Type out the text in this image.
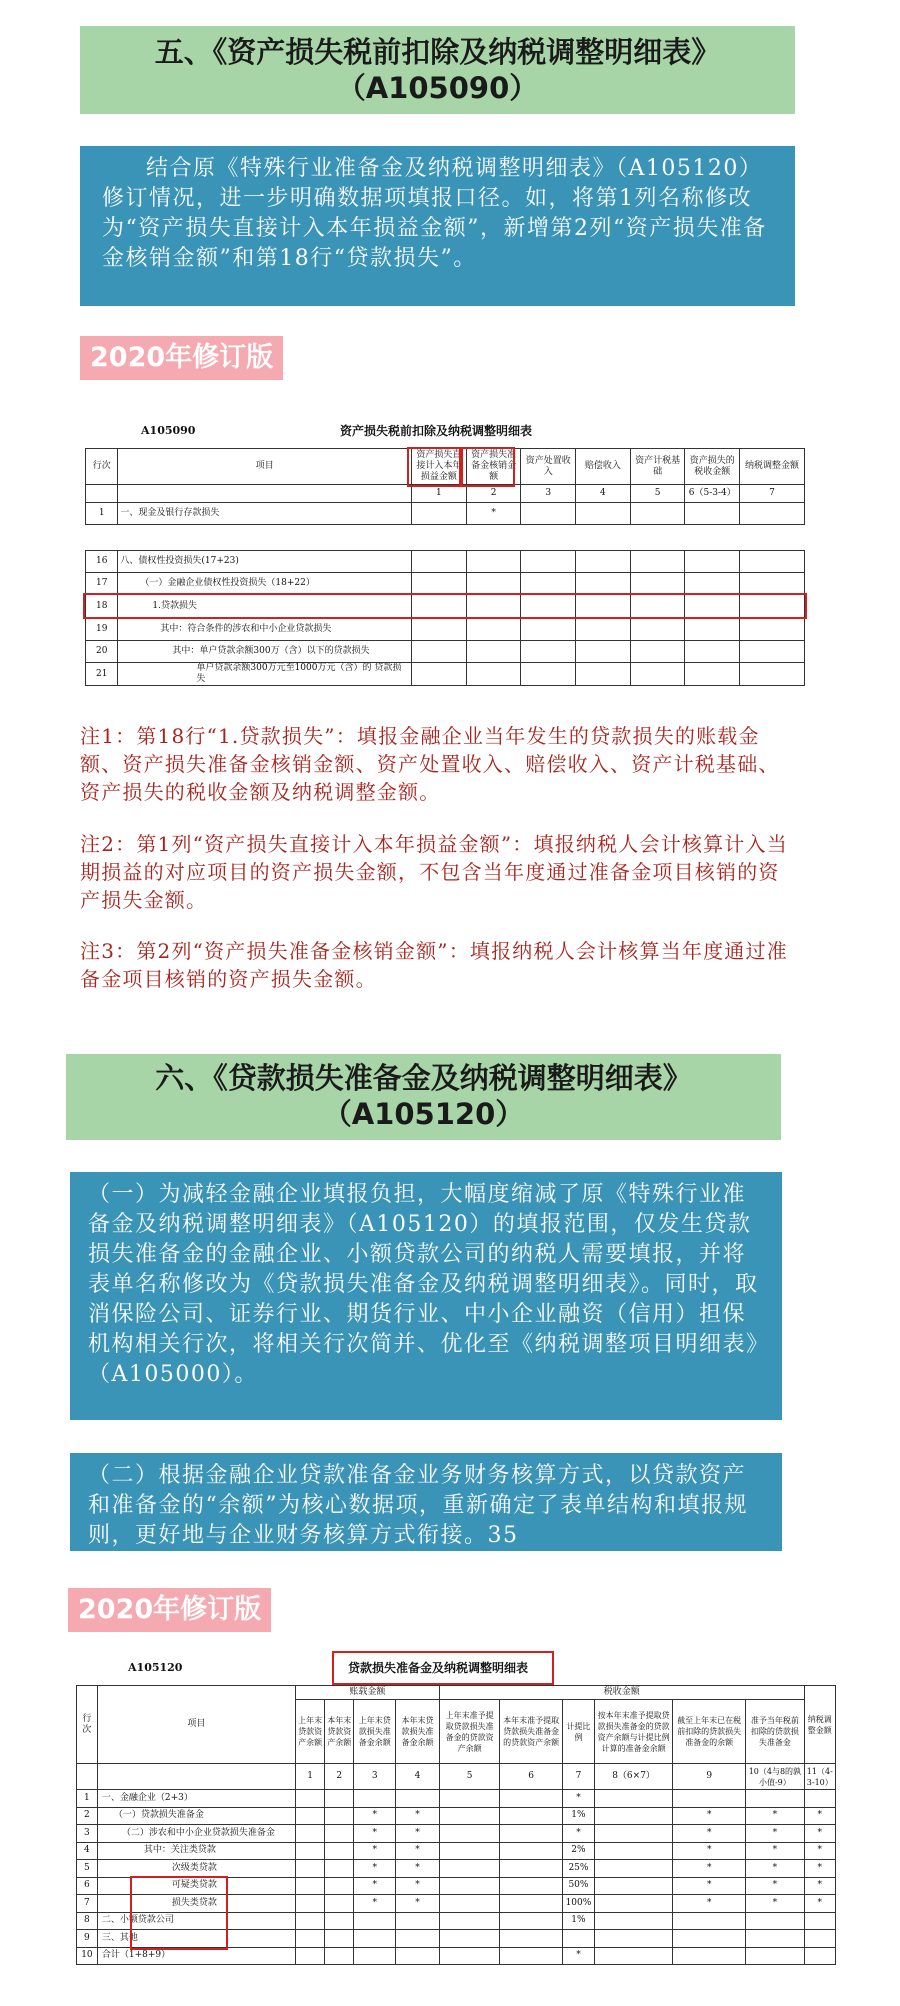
五、《资产损失税前扣除及纳税调整明细表》
（A105090）
结合原《特殊行业准备金及纳税调整明细表》（A105120）修订情况，进一步明确数据项填报口径。如，将第1列名称修改为“资产损失直接计入本年损益金额”，新增第2列“资产损失准备金核销金额”和第18行“贷款损失”。
2020年修订版
A105090	资产损失税前扣除及纳税调整明细表
行次	项目	资产损失直接计入本年损益金额	资产损失准备金核销金额	资产处置收入	赔偿收入	资产计税基础	资产损失的税收金额	纳税调整金额
		1	2	3	4	5	6（5-3-4）	7
1	一、现金及银行存款损失		*					
16	八、债权性投资损失(17+23)							
17	（一）金融企业债权性投资损失（18+22）							
18	1.贷款损失							
19	其中：符合条件的涉农和中小企业贷款损失							
20	其中：单户贷款余额300万（含）以下的贷款损失							
21	单户贷款余额300万元至1000万元（含）的 贷款损失							
注1：第18行“1.贷款损失”：填报金融企业当年发生的贷款损失的账载金额、资产损失准备金核销金额、资产处置收入、赔偿收入、资产计税基础、资产损失的税收金额及纳税调整金额。
注2：第1列“资产损失直接计入本年损益金额”：填报纳税人会计核算计入当期损益的对应项目的资产损失金额，不包含当年度通过准备金项目核销的资产损失金额。
注3：第2列“资产损失准备金核销金额”：填报纳税人会计核算当年度通过准备金项目核销的资产损失金额。
六、《贷款损失准备金及纳税调整明细表》
（A105120）
（一）为减轻金融企业填报负担，大幅度缩减了原《特殊行业准备金及纳税调整明细表》（A105120）的填报范围，仅发生贷款损失准备金的金融企业、小额贷款公司的纳税人需要填报，并将表单名称修改为《贷款损失准备金及纳税调整明细表》。同时，取消保险公司、证券行业、期货行业、中小企业融资（信用）担保机构相关行次，将相关行次简并、优化至《纳税调整项目明细表》（A105000）。
（二）根据金融企业贷款准备金业务财务核算方式，以贷款资产和准备金的“余额”为核心数据项，重新确定了表单结构和填报规则，更好地与企业财务核算方式衔接。35
2020年修订版
A105120	贷款损失准备金及纳税调整明细表
行次	项目	账载金额				税收金额						纳税调整金额
		上年末贷款资产余额	本年末贷款资产余额	上年末贷款损失准备金余额	本年末贷款损失准备金余额	上年末准予提取贷款损失准备金的贷款资产余额	本年末准予提取贷款损失准备金的贷款资产余额	计提比例	按本年末准予提取贷款损失准备金的贷款资产余额与计提比例计算的准备金余额	截至上年末已在税前扣除的贷款损失准备金的余额	准予当年税前扣除的贷款损失准备金	
		1	2	3	4	5	6	7	8（6×7）	9	10（4与8的孰小值-9）	11（4-3-10）
1	一、金融企业（2+3）							*				
2	（一）贷款损失准备金			*	*			1%		*	*	*
3	（二）涉农和中小企业贷款损失准备金			*	*			*		*	*	*
4	其中：关注类贷款			*	*			2%		*	*	*
5	次级类贷款			*	*			25%		*	*	*
6	可疑类贷款			*	*			50%		*	*	*
7	损失类贷款			*	*			100%		*	*	*
8	二、小额贷款公司							1%				
9	三、其他											
10	合计（1+8+9）							*				
